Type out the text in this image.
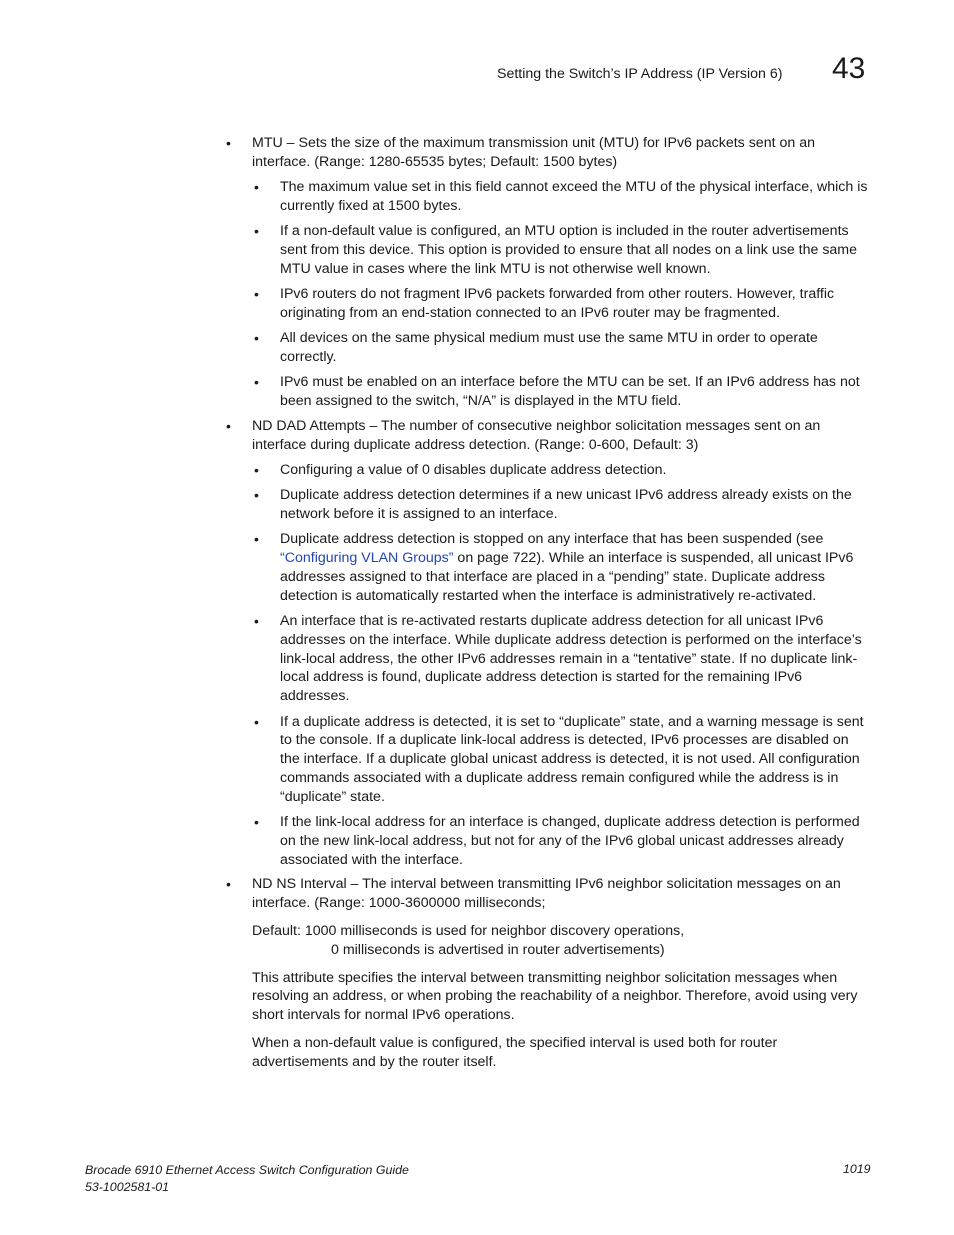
Setting the Switch’s IP Address (IP Version 6) 43
• MTU – Sets the size of the maximum transmission unit (MTU) for IPv6 packets sent on an interface. (Range: 1280-65535 bytes; Default: 1500 bytes)
• The maximum value set in this field cannot exceed the MTU of the physical interface, which is currently fixed at 1500 bytes.
• If a non-default value is configured, an MTU option is included in the router advertisements sent from this device. This option is provided to ensure that all nodes on a link use the same MTU value in cases where the link MTU is not otherwise well known.
• IPv6 routers do not fragment IPv6 packets forwarded from other routers. However, traffic originating from an end-station connected to an IPv6 router may be fragmented.
• All devices on the same physical medium must use the same MTU in order to operate correctly.
• IPv6 must be enabled on an interface before the MTU can be set. If an IPv6 address has not been assigned to the switch, “N/A” is displayed in the MTU field.
• ND DAD Attempts – The number of consecutive neighbor solicitation messages sent on an interface during duplicate address detection. (Range: 0-600, Default: 3)
• Configuring a value of 0 disables duplicate address detection.
• Duplicate address detection determines if a new unicast IPv6 address already exists on the network before it is assigned to an interface.
• Duplicate address detection is stopped on any interface that has been suspended (see “Configuring VLAN Groups” on page 722). While an interface is suspended, all unicast IPv6 addresses assigned to that interface are placed in a “pending” state. Duplicate address detection is automatically restarted when the interface is administratively re-activated.
• An interface that is re-activated restarts duplicate address detection for all unicast IPv6 addresses on the interface. While duplicate address detection is performed on the interface’s link-local address, the other IPv6 addresses remain in a “tentative” state. If no duplicate link-local address is found, duplicate address detection is started for the remaining IPv6 addresses.
• If a duplicate address is detected, it is set to “duplicate” state, and a warning message is sent to the console. If a duplicate link-local address is detected, IPv6 processes are disabled on the interface. If a duplicate global unicast address is detected, it is not used. All configuration commands associated with a duplicate address remain configured while the address is in “duplicate” state.
• If the link-local address for an interface is changed, duplicate address detection is performed on the new link-local address, but not for any of the IPv6 global unicast addresses already associated with the interface.
• ND NS Interval – The interval between transmitting IPv6 neighbor solicitation messages on an interface. (Range: 1000-3600000 milliseconds;
Default: 1000 milliseconds is used for neighbor discovery operations,
0 milliseconds is advertised in router advertisements)
This attribute specifies the interval between transmitting neighbor solicitation messages when resolving an address, or when probing the reachability of a neighbor. Therefore, avoid using very short intervals for normal IPv6 operations.
When a non-default value is configured, the specified interval is used both for router advertisements and by the router itself.
Brocade 6910 Ethernet Access Switch Configuration Guide
53-1002581-01
1019
